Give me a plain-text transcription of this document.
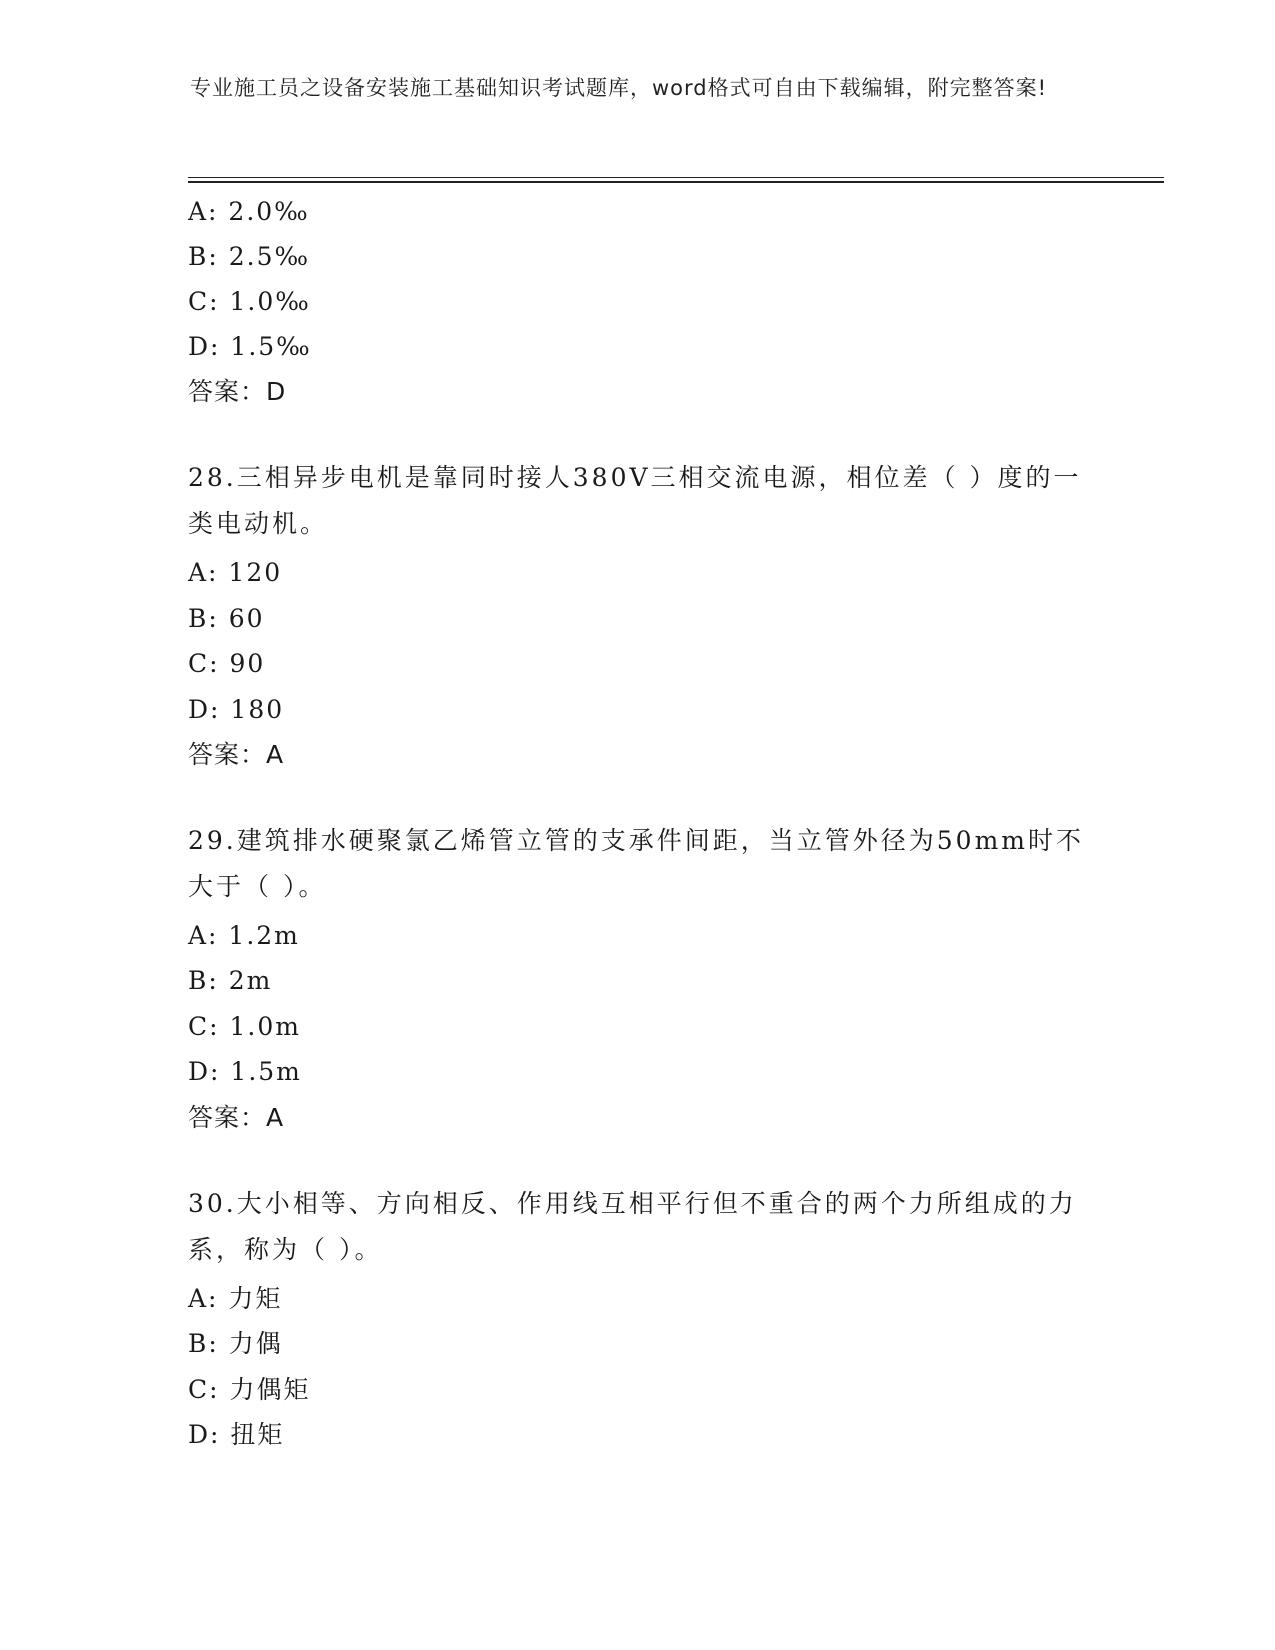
专业施工员之设备安装施工基础知识考试题库，word格式可自由下载编辑，附完整答案!
A: 2.0‰
B: 2.5‰
C: 1.0‰
D: 1.5‰
答案：D
28.三相异步电机是靠同时接人380V三相交流电源，相位差（ ）度的一类电动机。
A: 120
B: 60
C: 90
D: 180
答案：A
29.建筑排水硬聚氯乙烯管立管的支承件间距，当立管外径为50mm时不大于（ ）。
A: 1.2m
B: 2m
C: 1.0m
D: 1.5m
答案：A
30.大小相等、方向相反、作用线互相平行但不重合的两个力所组成的力系，称为（ ）。
A: 力矩
B: 力偶
C: 力偶矩
D: 扭矩
